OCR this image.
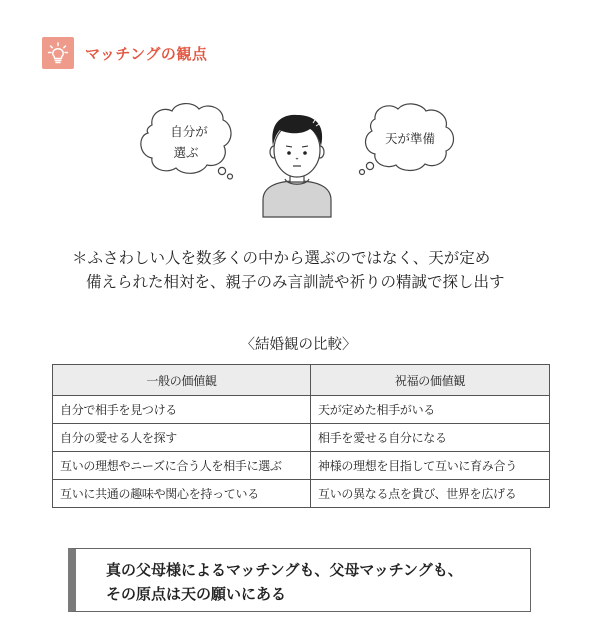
マッチングの観点
自分が
選ぶ
天が準備
＊ふさわしい人を数多くの中から選ぶのではなく、天が定め
備えられた相対を、親子のみ言訓読や祈りの精誠で探し出す
〈結婚観の比較〉
一般の価値観	祝福の価値観
自分で相手を見つける	天が定めた相手がいる
自分の愛せる人を探す	相手を愛せる自分になる
互いの理想やニーズに合う人を相手に選ぶ	神様の理想を目指して互いに育み合う
互いに共通の趣味や関心を持っている	互いの異なる点を貴び、世界を広げる
真の父母様によるマッチングも、父母マッチングも、
その原点は天の願いにある
